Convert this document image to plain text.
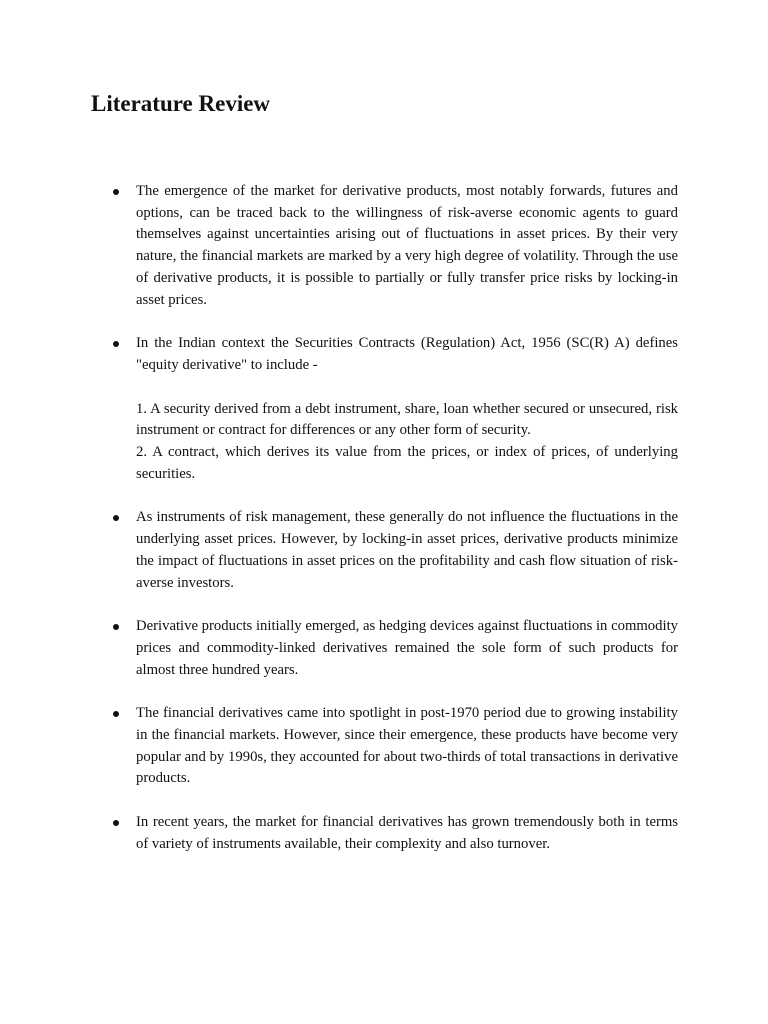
Literature Review

The emergence of the market for derivative products, most notably forwards, futures and options, can be traced back to the willingness of risk-averse economic agents to guard themselves against uncertainties arising out of fluctuations in asset prices. By their very nature, the financial markets are marked by a very high degree of volatility. Through the use of derivative products, it is possible to partially or fully transfer price risks by locking-in asset prices.

In the Indian context the Securities Contracts (Regulation) Act, 1956 (SC(R) A) defines "equity derivative" to include -

1. A security derived from a debt instrument, share, loan whether secured or unsecured, risk instrument or contract for differences or any other form of security.

2. A contract, which derives its value from the prices, or index of prices, of underlying securities.

As instruments of risk management, these generally do not influence the fluctuations in the underlying asset prices. However, by locking-in asset prices, derivative products minimize the impact of fluctuations in asset prices on the profitability and cash flow situation of risk-averse investors.

Derivative products initially emerged, as hedging devices against fluctuations in commodity prices and commodity-linked derivatives remained the sole form of such products for almost three hundred years.

The financial derivatives came into spotlight in post-1970 period due to growing instability in the financial markets. However, since their emergence, these products have become very popular and by 1990s, they accounted for about two-thirds of total transactions in derivative products.

In recent years, the market for financial derivatives has grown tremendously both in terms of variety of instruments available, their complexity and also turnover.
